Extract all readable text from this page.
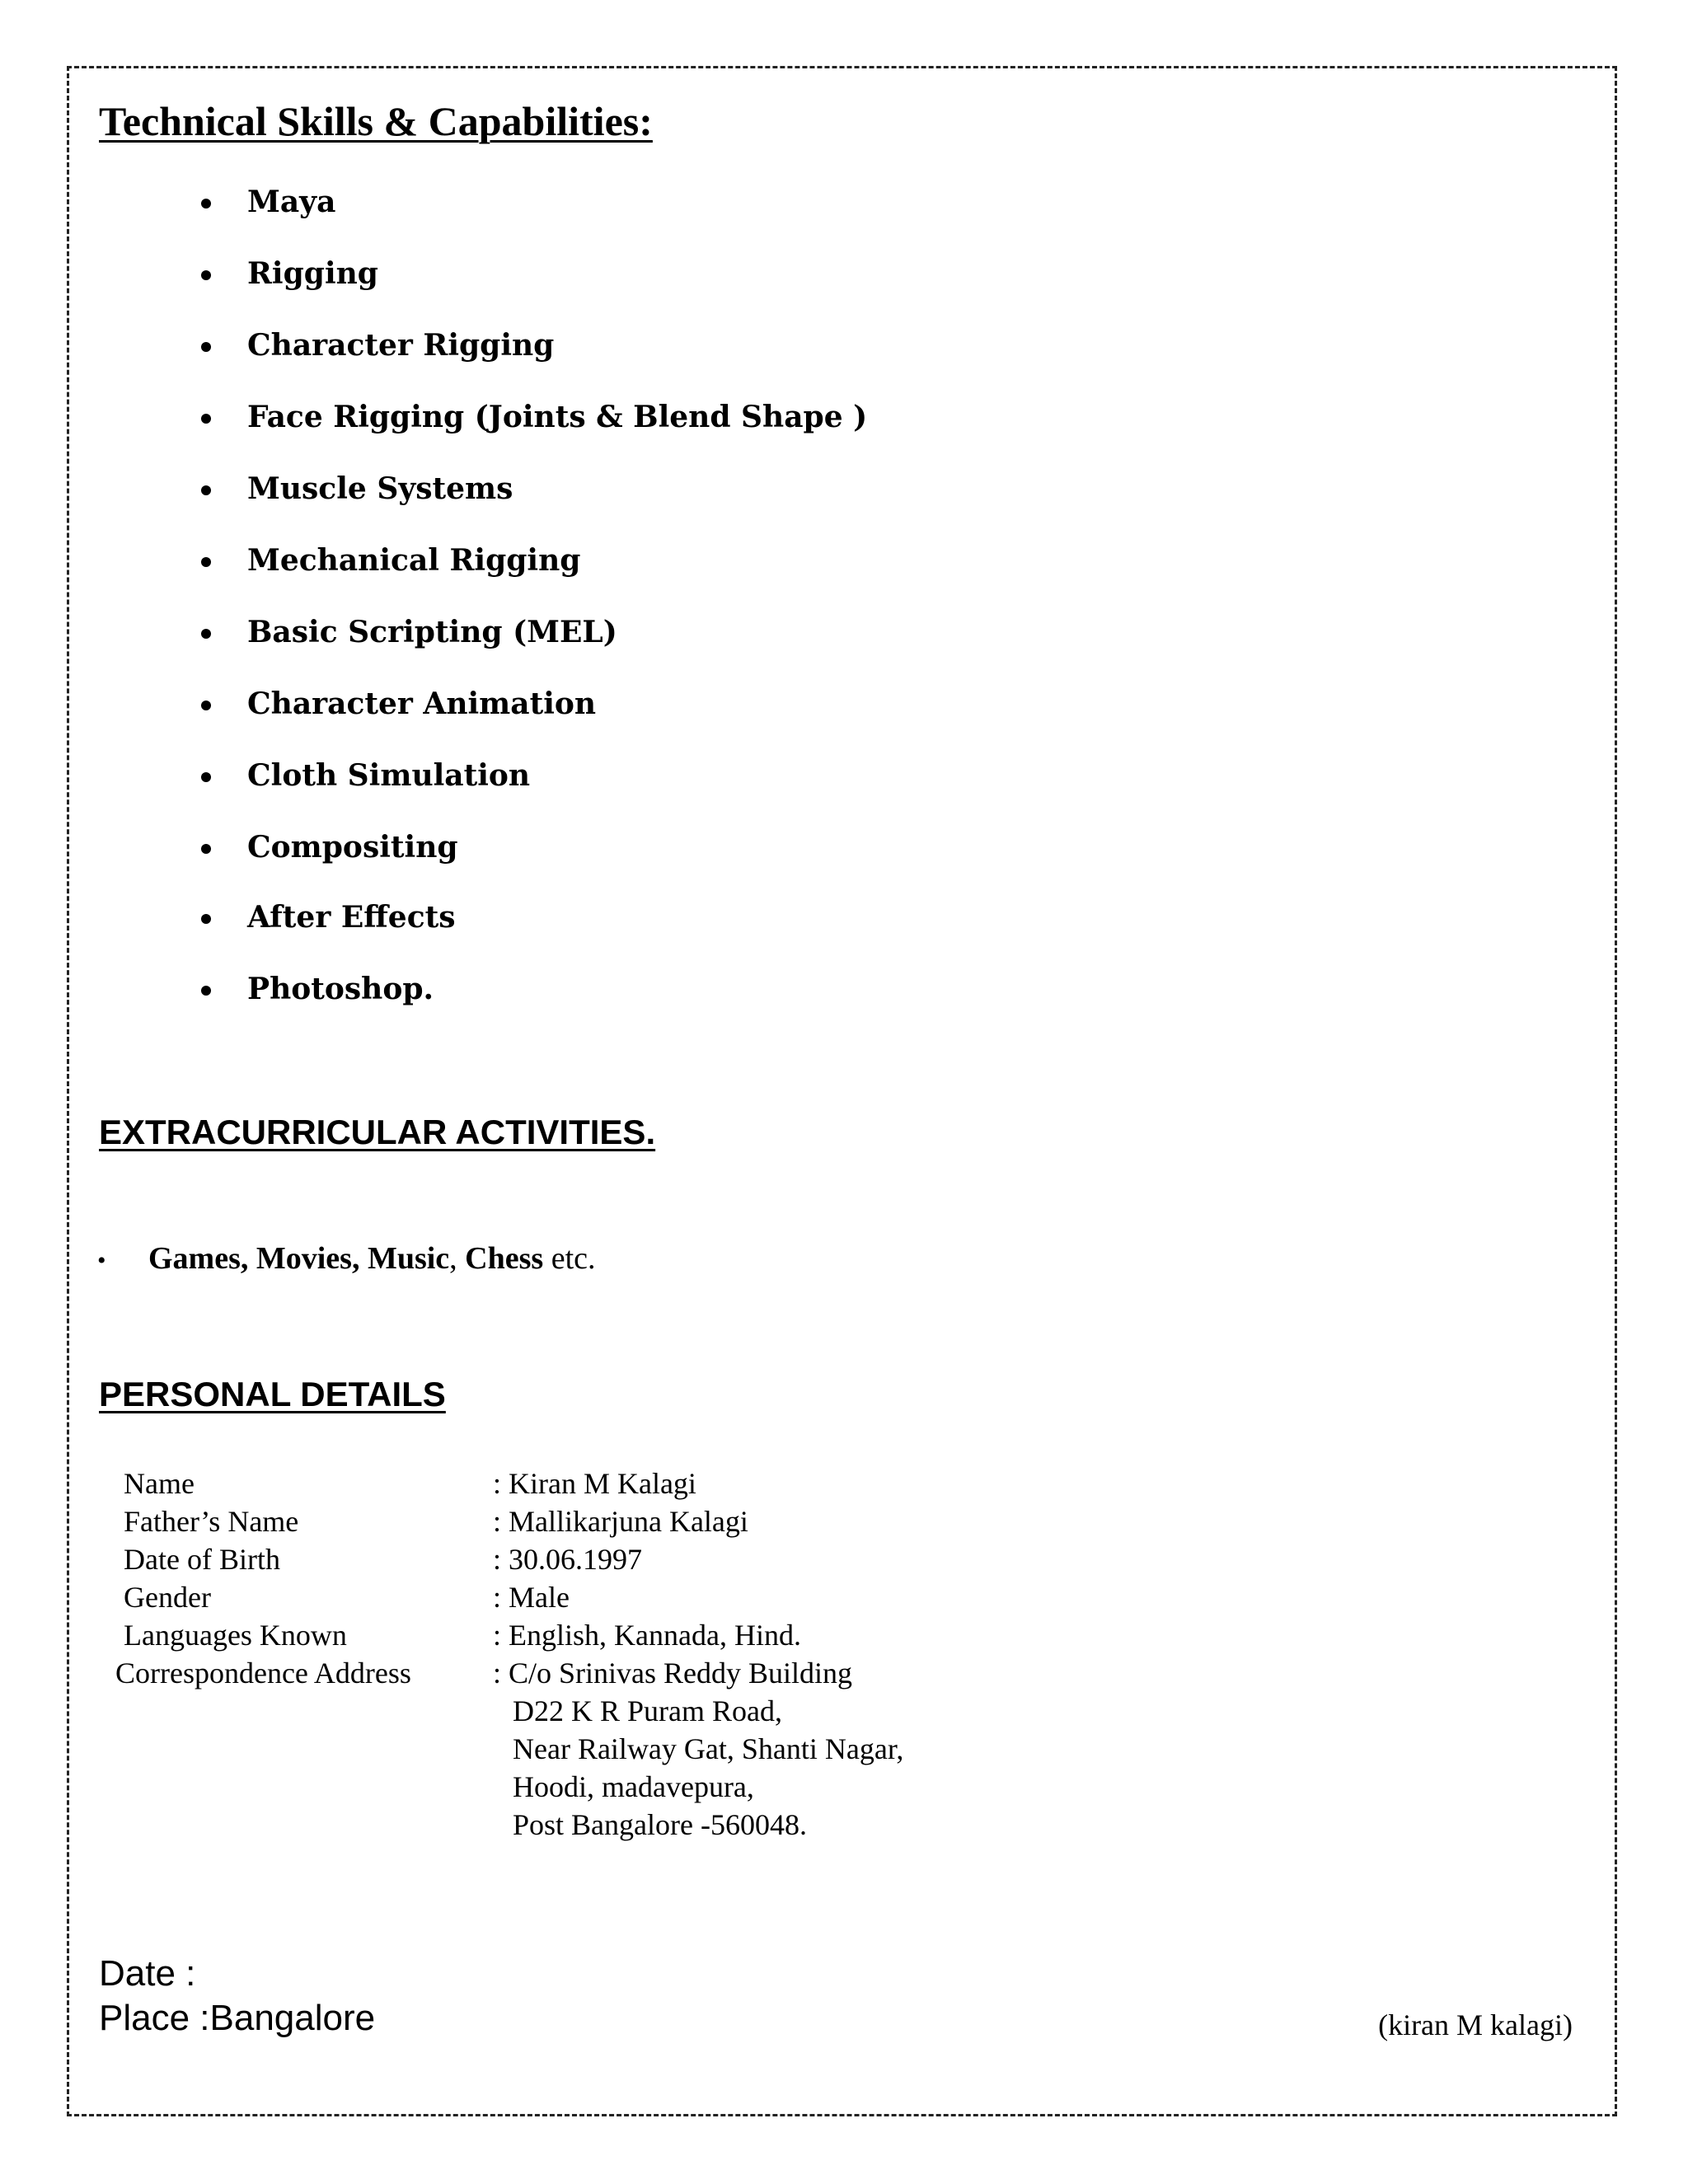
Technical Skills & Capabilities:
Maya
Rigging
Character Rigging
Face Rigging (Joints & Blend Shape )
Muscle Systems
Mechanical Rigging
Basic Scripting (MEL)
Character Animation
Cloth Simulation
Compositing
After Effects
Photoshop.
EXTRACURRICULAR ACTIVITIES.
• Games, Movies, Music, Chess etc.
PERSONAL DETAILS
Name	: Kiran M Kalagi
Father’s Name	: Mallikarjuna Kalagi
Date of Birth	: 30.06.1997
Gender	: Male
Languages Known	: English, Kannada, Hind.
Correspondence Address	: C/o Srinivas Reddy Building
D22 K R Puram Road,
Near Railway Gat, Shanti Nagar,
Hoodi, madavepura,
Post Bangalore -560048.
Date :
Place :Bangalore	(kiran M kalagi)
